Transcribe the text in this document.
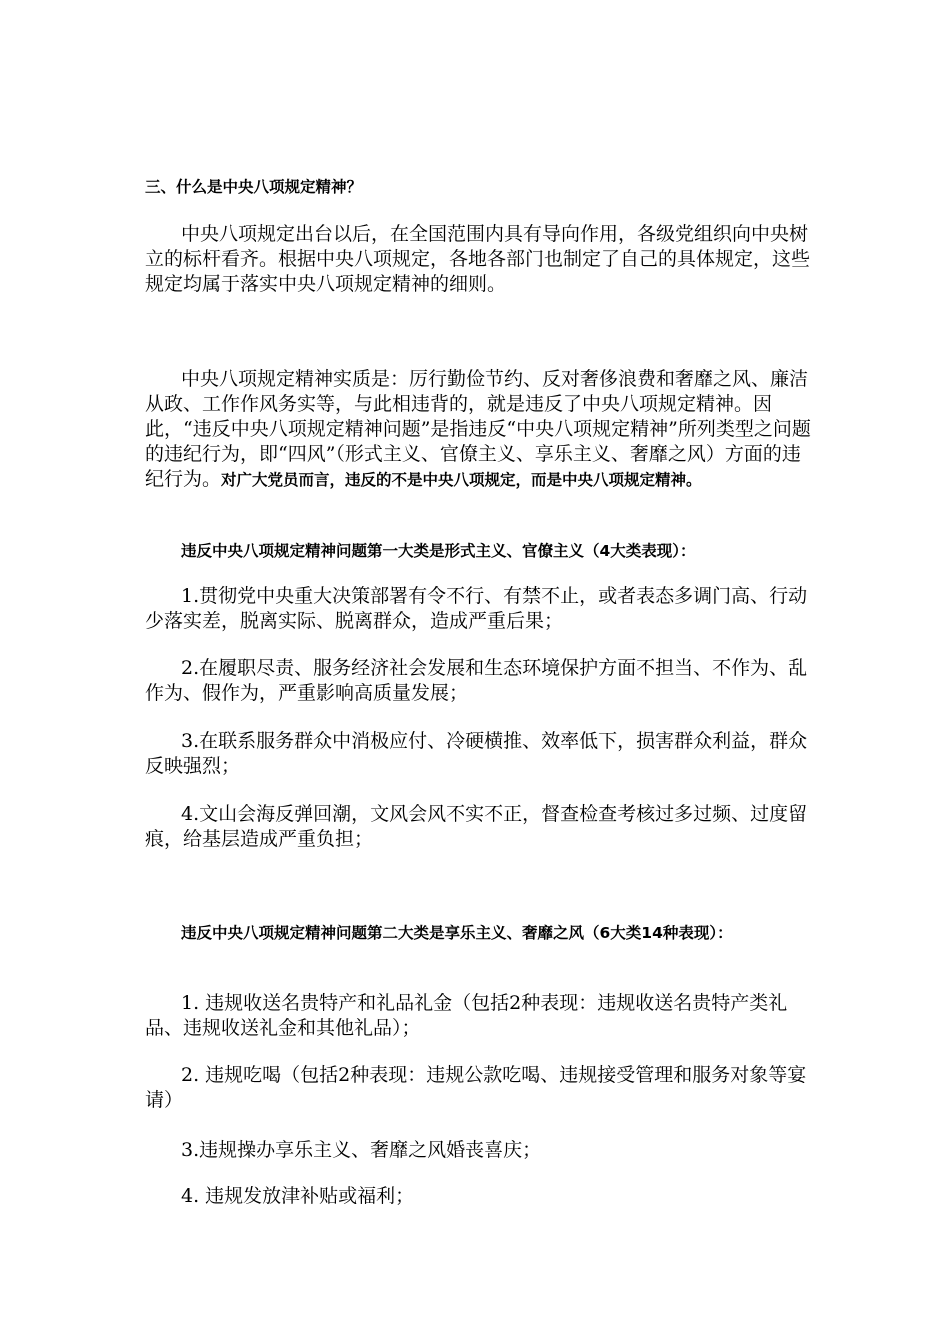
三、什么是中央八项规定精神？

中央八项规定出台以后，在全国范围内具有导向作用，各级党组织向中央树立的标杆看齐。根据中央八项规定，各地各部门也制定了自己的具体规定，这些规定均属于落实中央八项规定精神的细则。

中央八项规定精神实质是：厉行勤俭节约、反对奢侈浪费和奢靡之风、廉洁从政、工作作风务实等，与此相违背的，就是违反了中央八项规定精神。因此，“违反中央八项规定精神问题”是指违反“中央八项规定精神”所列类型之问题的违纪行为，即“四风”（形式主义、官僚主义、享乐主义、奢靡之风）方面的违纪行为。对广大党员而言，违反的不是中央八项规定，而是中央八项规定精神。

违反中央八项规定精神问题第一大类是形式主义、官僚主义（4大类表现）：

1.贯彻党中央重大决策部署有令不行、有禁不止，或者表态多调门高、行动少落实差，脱离实际、脱离群众，造成严重后果；

2.在履职尽责、服务经济社会发展和生态环境保护方面不担当、不作为、乱作为、假作为，严重影响高质量发展；

3.在联系服务群众中消极应付、冷硬横推、效率低下，损害群众利益，群众反映强烈；

4.文山会海反弹回潮，文风会风不实不正，督查检查考核过多过频、过度留痕，给基层造成严重负担；

违反中央八项规定精神问题第二大类是享乐主义、奢靡之风（6大类14种表现）：

1. 违规收送名贵特产和礼品礼金（包括2种表现：违规收送名贵特产类礼品、违规收送礼金和其他礼品）；

2. 违规吃喝（包括2种表现：违规公款吃喝、违规接受管理和服务对象等宴请）

3.违规操办享乐主义、奢靡之风婚丧喜庆；

4. 违规发放津补贴或福利；
